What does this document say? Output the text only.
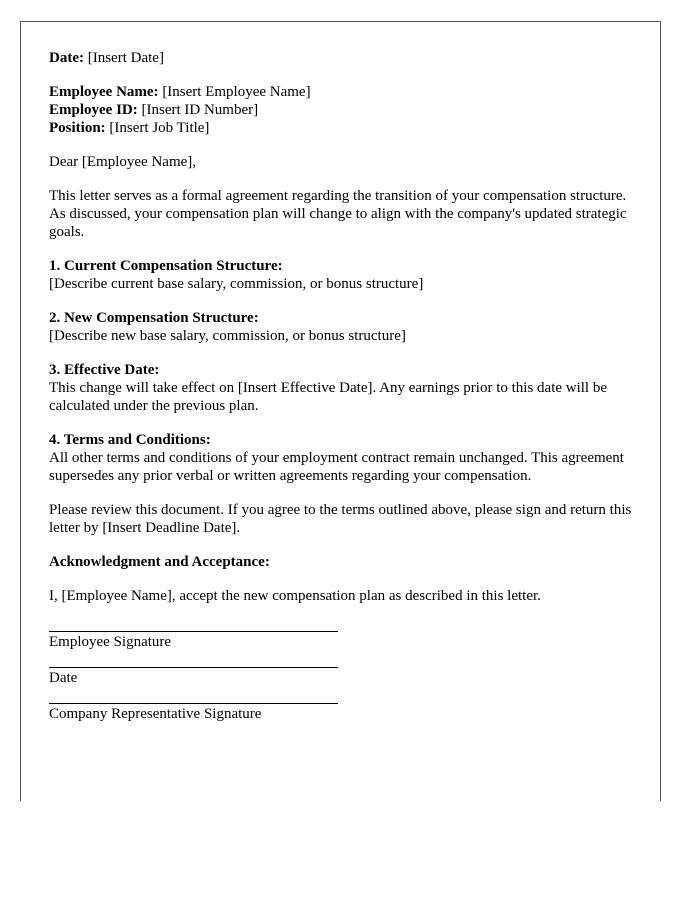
Date: [Insert Date]

Employee Name: [Insert Employee Name]

Employee ID: [Insert ID Number]

Position: [Insert Job Title]

Dear [Employee Name],

This letter serves as a formal agreement regarding the transition of your compensation structure. As discussed, your compensation plan will change to align with the company's updated strategic goals.

1. Current Compensation Structure:
[Describe current base salary, commission, or bonus structure]

2. New Compensation Structure:
[Describe new base salary, commission, or bonus structure]

3. Effective Date:
This change will take effect on [Insert Effective Date]. Any earnings prior to this date will be calculated under the previous plan.

4. Terms and Conditions:
All other terms and conditions of your employment contract remain unchanged. This agreement supersedes any prior verbal or written agreements regarding your compensation.

Please review this document. If you agree to the terms outlined above, please sign and return this letter by [Insert Deadline Date].

Acknowledgment and Acceptance:

I, [Employee Name], accept the new compensation plan as described in this letter.

Employee Signature
Date
Company Representative Signature
